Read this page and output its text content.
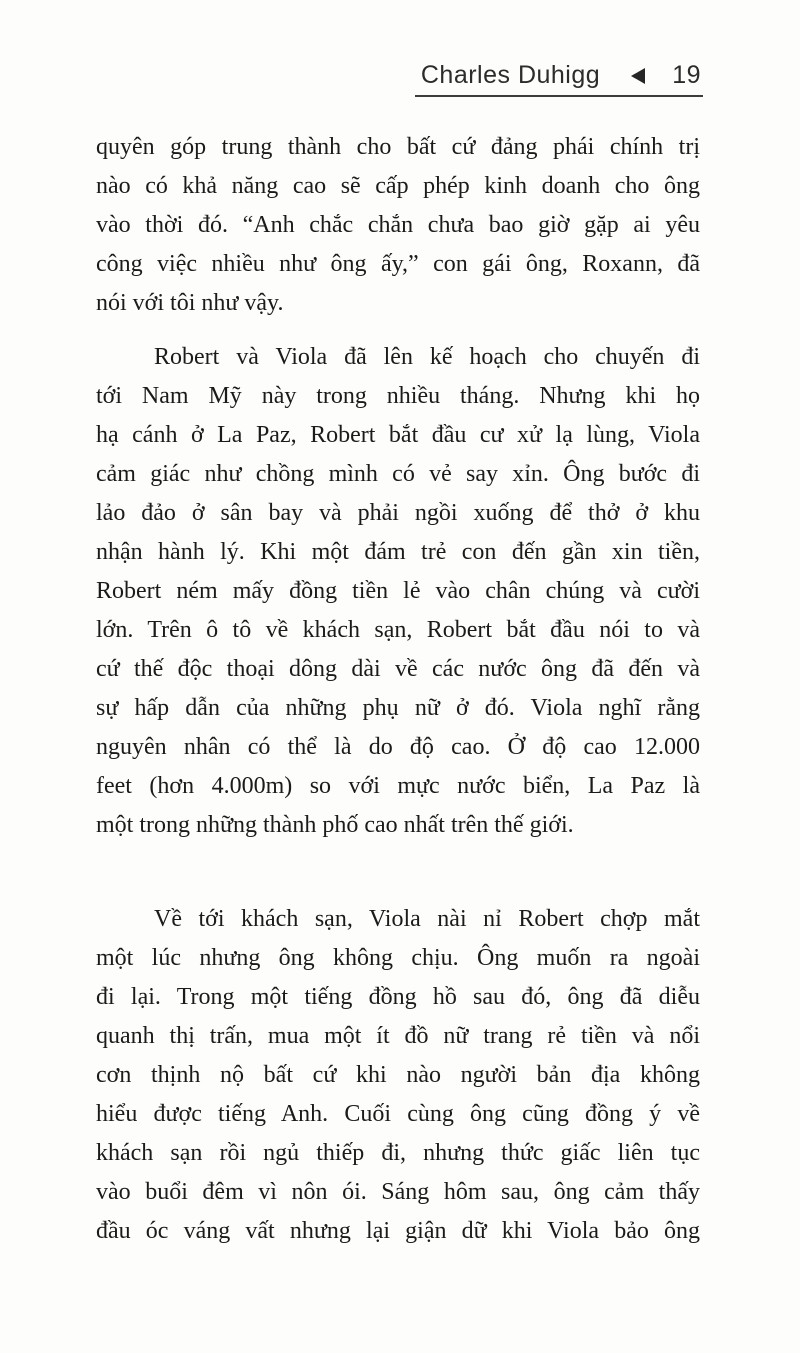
Charles Duhigg	19
quyên góp trung thành cho bất cứ đảng phái chính trị
nào có khả năng cao sẽ cấp phép kinh doanh cho ông
vào thời đó. “Anh chắc chắn chưa bao giờ gặp ai yêu
công việc nhiều như ông ấy,” con gái ông, Roxann, đã
nói với tôi như vậy.
Robert và Viola đã lên kế hoạch cho chuyến đi
tới Nam Mỹ này trong nhiều tháng. Nhưng khi họ
hạ cánh ở La Paz, Robert bắt đầu cư xử lạ lùng, Viola
cảm giác như chồng mình có vẻ say xỉn. Ông bước đi
lảo đảo ở sân bay và phải ngồi xuống để thở ở khu
nhận hành lý. Khi một đám trẻ con đến gần xin tiền,
Robert ném mấy đồng tiền lẻ vào chân chúng và cười
lớn. Trên ô tô về khách sạn, Robert bắt đầu nói to và
cứ thế độc thoại dông dài về các nước ông đã đến và
sự hấp dẫn của những phụ nữ ở đó. Viola nghĩ rằng
nguyên nhân có thể là do độ cao. Ở độ cao 12.000
feet (hơn 4.000m) so với mực nước biển, La Paz là
một trong những thành phố cao nhất trên thế giới.
Về tới khách sạn, Viola nài nỉ Robert chợp mắt
một lúc nhưng ông không chịu. Ông muốn ra ngoài
đi lại. Trong một tiếng đồng hồ sau đó, ông đã diễu
quanh thị trấn, mua một ít đồ nữ trang rẻ tiền và nổi
cơn thịnh nộ bất cứ khi nào người bản địa không
hiểu được tiếng Anh. Cuối cùng ông cũng đồng ý về
khách sạn rồi ngủ thiếp đi, nhưng thức giấc liên tục
vào buổi đêm vì nôn ói. Sáng hôm sau, ông cảm thấy
đầu óc váng vất nhưng lại giận dữ khi Viola bảo ông
